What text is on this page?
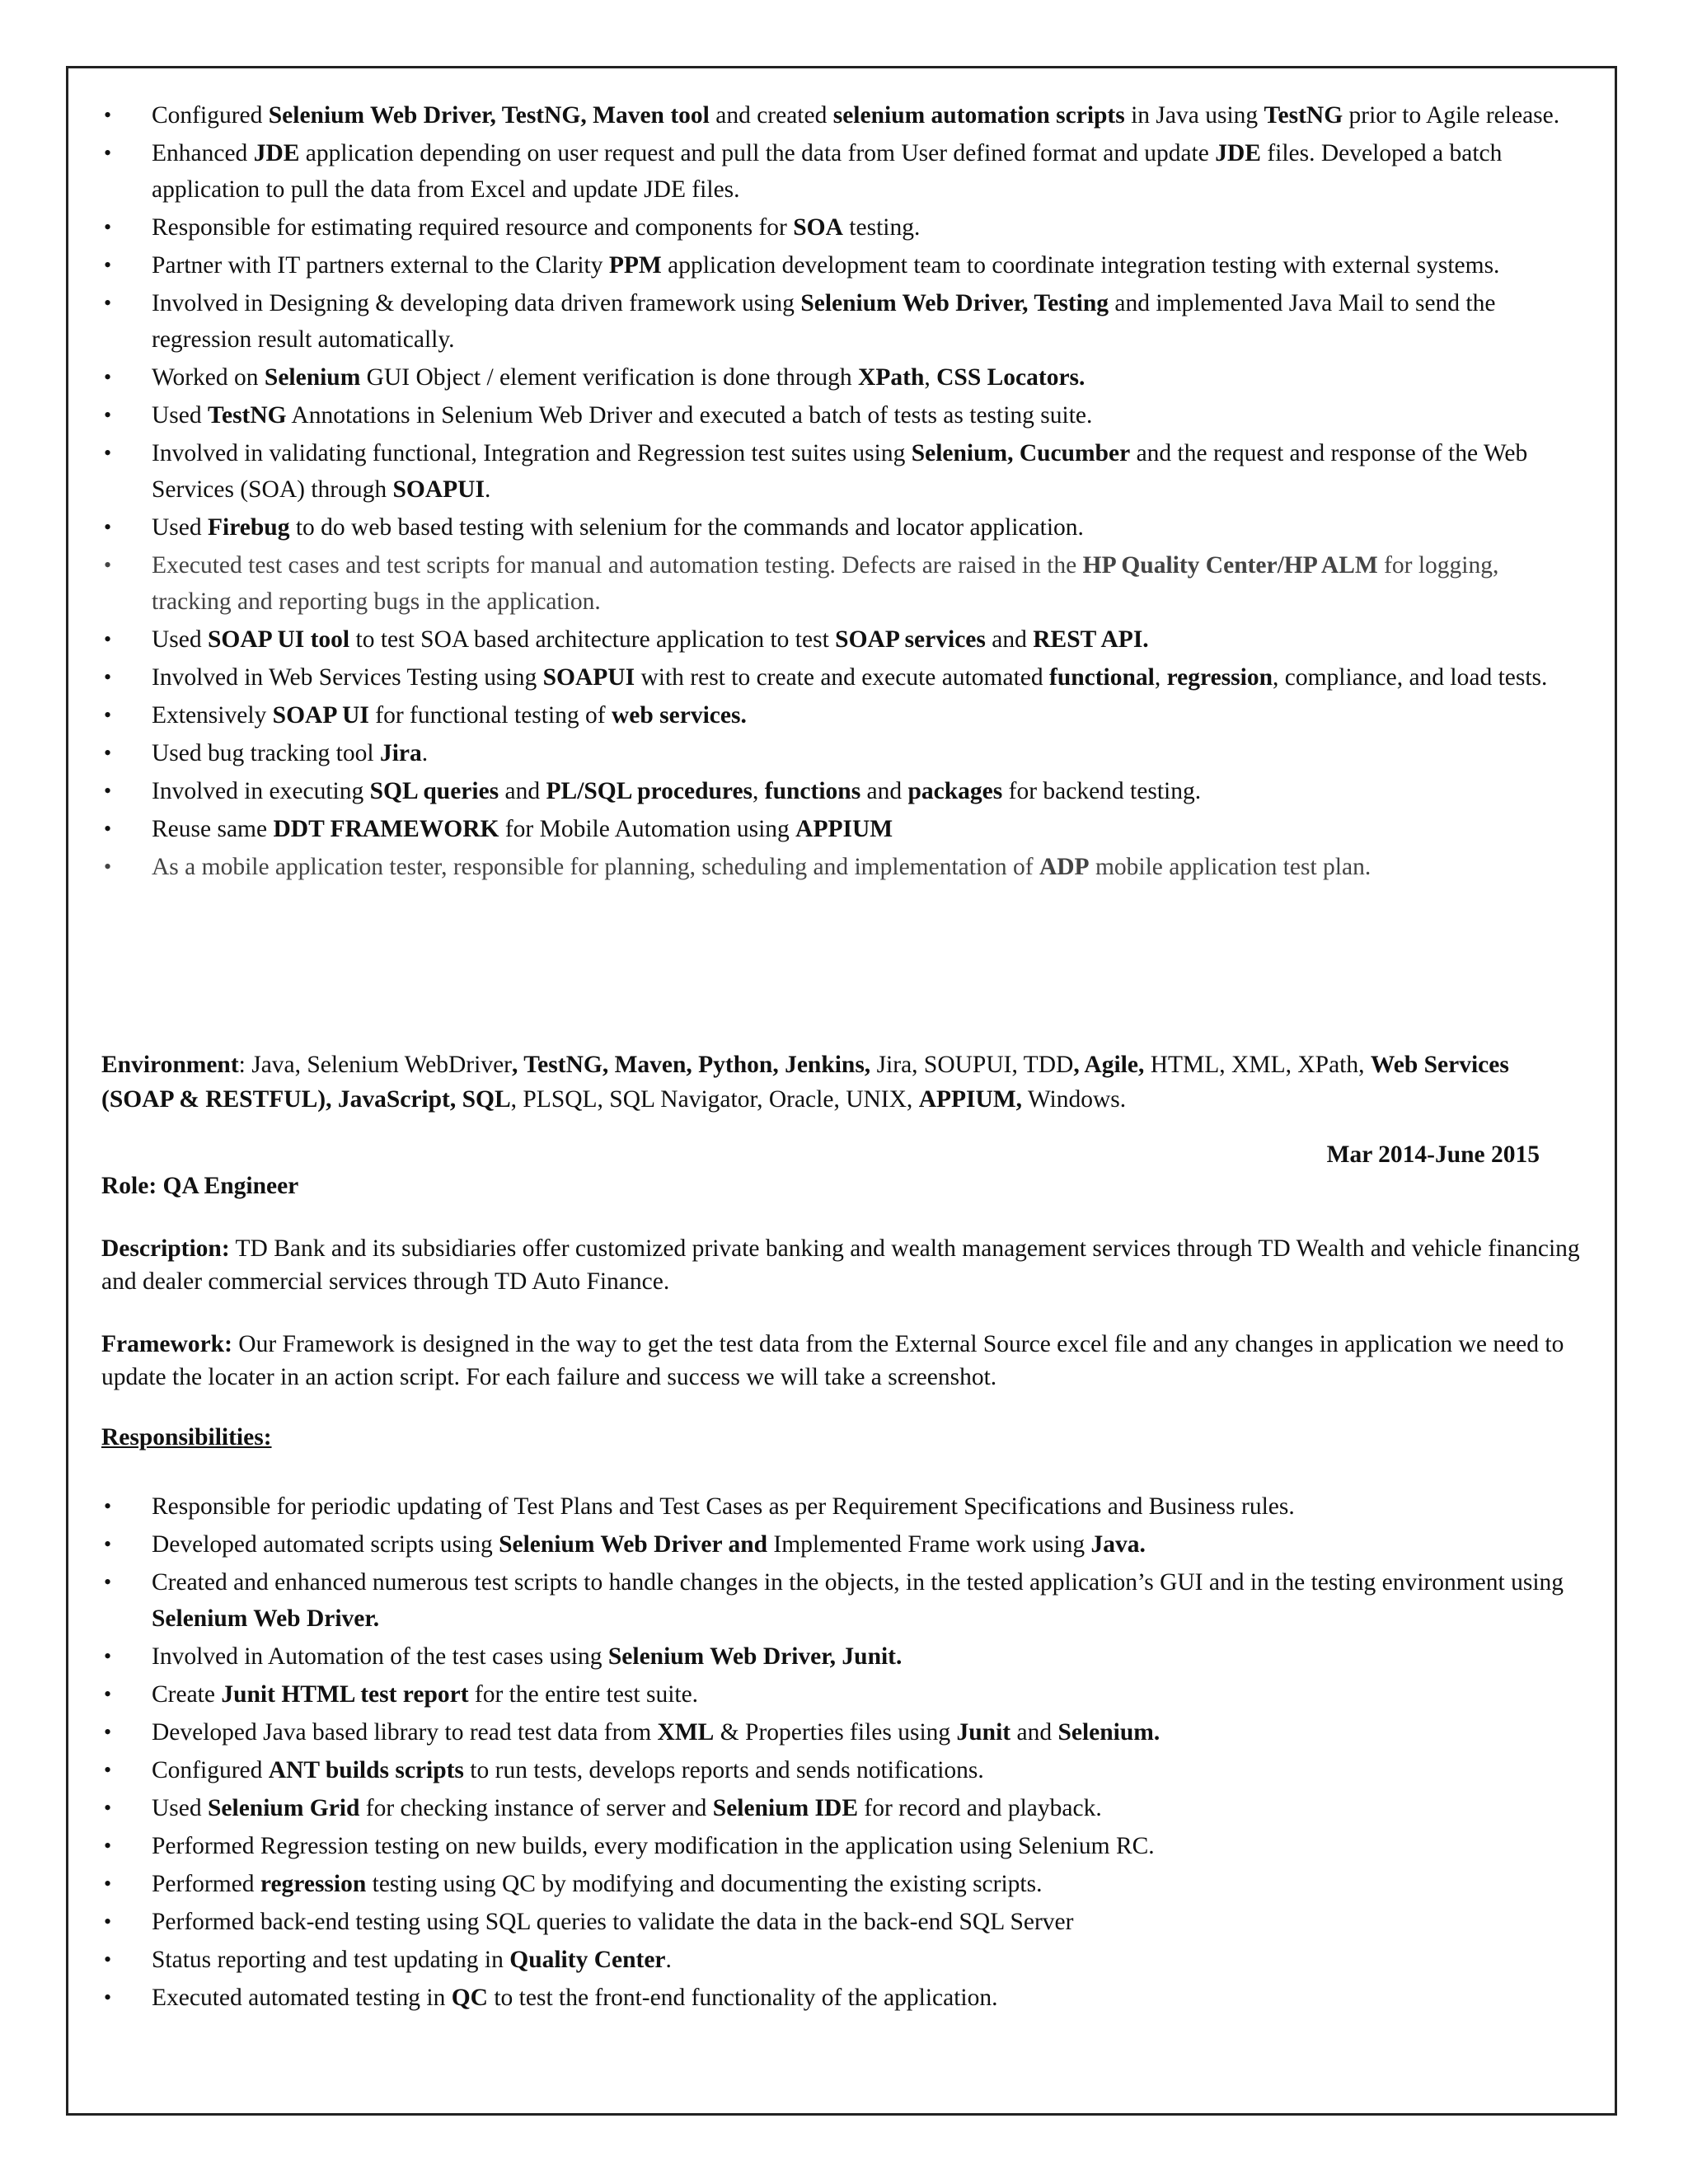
• Configured Selenium Web Driver, TestNG, Maven tool and created selenium automation scripts in Java using TestNG prior to Agile release.
• Enhanced JDE application depending on user request and pull the data from User defined format and update JDE files. Developed a batch application to pull the data from Excel and update JDE files.
• Responsible for estimating required resource and components for SOA testing.
• Partner with IT partners external to the Clarity PPM application development team to coordinate integration testing with external systems.
• Involved in Designing & developing data driven framework using Selenium Web Driver, Testing and implemented Java Mail to send the regression result automatically.
• Worked on Selenium GUI Object / element verification is done through XPath, CSS Locators.
• Used TestNG Annotations in Selenium Web Driver and executed a batch of tests as testing suite.
• Involved in validating functional, Integration and Regression test suites using Selenium, Cucumber and the request and response of the Web Services (SOA) through SOAPUI.
• Used Firebug to do web based testing with selenium for the commands and locator application.
• Executed test cases and test scripts for manual and automation testing. Defects are raised in the HP Quality Center/HP ALM for logging, tracking and reporting bugs in the application.
• Used SOAP UI tool to test SOA based architecture application to test SOAP services and REST API.
• Involved in Web Services Testing using SOAPUI with rest to create and execute automated functional, regression, compliance, and load tests.
• Extensively SOAP UI for functional testing of web services.
• Used bug tracking tool Jira.
• Involved in executing SQL queries and PL/SQL procedures, functions and packages for backend testing.
• Reuse same DDT FRAMEWORK for Mobile Automation using APPIUM
• As a mobile application tester, responsible for planning, scheduling and implementation of ADP mobile application test plan.
Environment: Java, Selenium WebDriver, TestNG, Maven, Python, Jenkins, Jira, SOUPUI, TDD, Agile, HTML, XML, XPath, Web Services (SOAP & RESTFUL), JavaScript, SQL, PLSQL, SQL Navigator, Oracle, UNIX, APPIUM, Windows.
Mar 2014-June 2015
Role: QA Engineer
Description: TD Bank and its subsidiaries offer customized private banking and wealth management services through TD Wealth and vehicle financing and dealer commercial services through TD Auto Finance.
Framework: Our Framework is designed in the way to get the test data from the External Source excel file and any changes in application we need to update the locater in an action script. For each failure and success we will take a screenshot.
Responsibilities:
• Responsible for periodic updating of Test Plans and Test Cases as per Requirement Specifications and Business rules.
• Developed automated scripts using Selenium Web Driver and Implemented Frame work using Java.
• Created and enhanced numerous test scripts to handle changes in the objects, in the tested application’s GUI and in the testing environment using Selenium Web Driver.
• Involved in Automation of the test cases using Selenium Web Driver, Junit.
• Create Junit HTML test report for the entire test suite.
• Developed Java based library to read test data from XML & Properties files using Junit and Selenium.
• Configured ANT builds scripts to run tests, develops reports and sends notifications.
• Used Selenium Grid for checking instance of server and Selenium IDE for record and playback.
• Performed Regression testing on new builds, every modification in the application using Selenium RC.
• Performed regression testing using QC by modifying and documenting the existing scripts.
• Performed back-end testing using SQL queries to validate the data in the back-end SQL Server
• Status reporting and test updating in Quality Center.
• Executed automated testing in QC to test the front-end functionality of the application.
